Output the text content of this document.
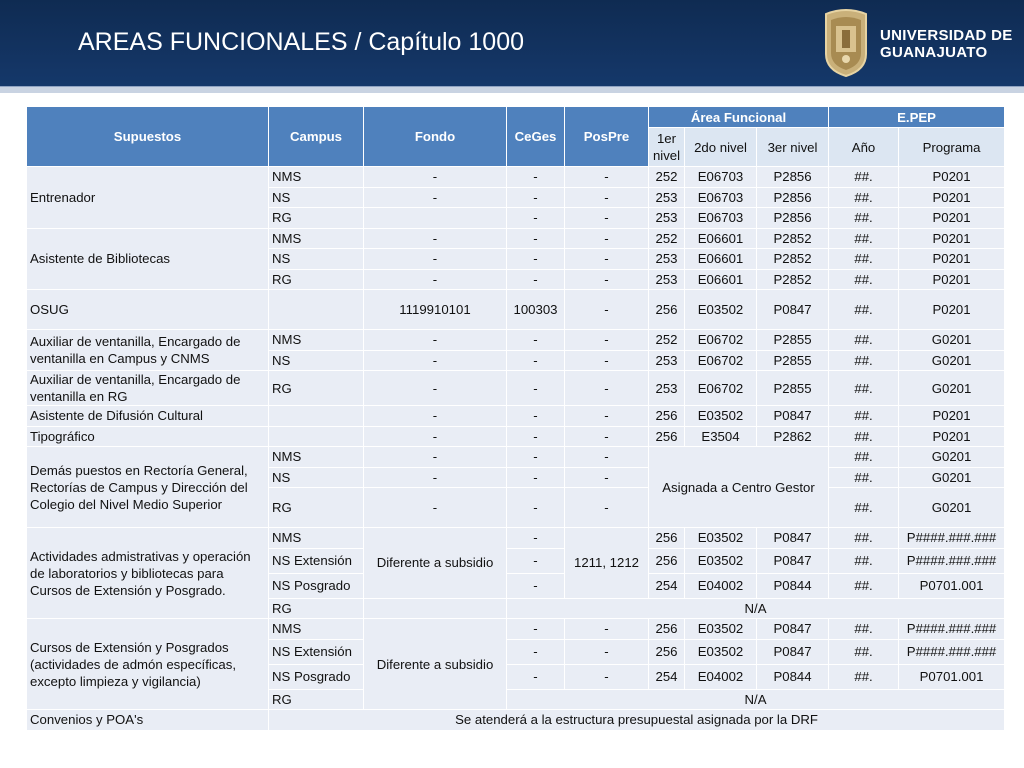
AREAS FUNCIONALES / Capítulo 1000	UNIVERSIDAD DE
GUANAJUATO
Supuestos	Campus	Fondo	CeGes	PosPre	Área Funcional			E.PEP	
					1er nivel	2do nivel	3er nivel	Año	Programa
Entrenador	NMS	-	-	-	252	E06703	P2856	##.	P0201
	NS	-	-	-	253	E06703	P2856	##.	P0201
	RG		-	-	253	E06703	P2856	##.	P0201
Asistente de Bibliotecas	NMS	-	-	-	252	E06601	P2852	##.	P0201
	NS	-	-	-	253	E06601	P2852	##.	P0201
	RG	-	-	-	253	E06601	P2852	##.	P0201
OSUG		1119910101	100303	-	256	E03502	P0847	##.	P0201
Auxiliar de ventanilla, Encargado de ventanilla en Campus y CNMS	NMS	-	-	-	252	E06702	P2855	##.	G0201
	NS	-	-	-	253	E06702	P2855	##.	G0201
Auxiliar de ventanilla, Encargado de ventanilla en RG	RG	-	-	-	253	E06702	P2855	##.	G0201
Asistente de Difusión Cultural		-	-	-	256	E03502	P0847	##.	P0201
Tipográfico		-	-	-	256	E3504	P2862	##.	P0201
Demás puestos en Rectoría General, Rectorías de Campus y Dirección del Colegio del Nivel Medio Superior	NMS	-	-	-	Asignada a Centro Gestor			##.	G0201
	NS	-	-	-				##.	G0201
	RG	-	-	-				##.	G0201
Actividades admistrativas y operación de laboratorios y bibliotecas para Cursos de Extensión y Posgrado.	NMS	Diferente a subsidio	-	1211, 1212	256	E03502	P0847	##.	P####.###.###
	NS Extensión		-		256	E03502	P0847	##.	P####.###.###
	NS Posgrado		-		254	E04002	P0844	##.	P0701.001
	RG		N/A						
Cursos de Extensión y Posgrados (actividades de admón específicas, excepto limpieza y vigilancia)	NMS	Diferente a subsidio	-	-	256	E03502	P0847	##.	P####.###.###
	NS Extensión		-	-	256	E03502	P0847	##.	P####.###.###
	NS Posgrado		-	-	254	E04002	P0844	##.	P0701.001
	RG		N/A						
Convenios y POA's	Se atenderá a la estructura presupuestal asignada por la DRF								
